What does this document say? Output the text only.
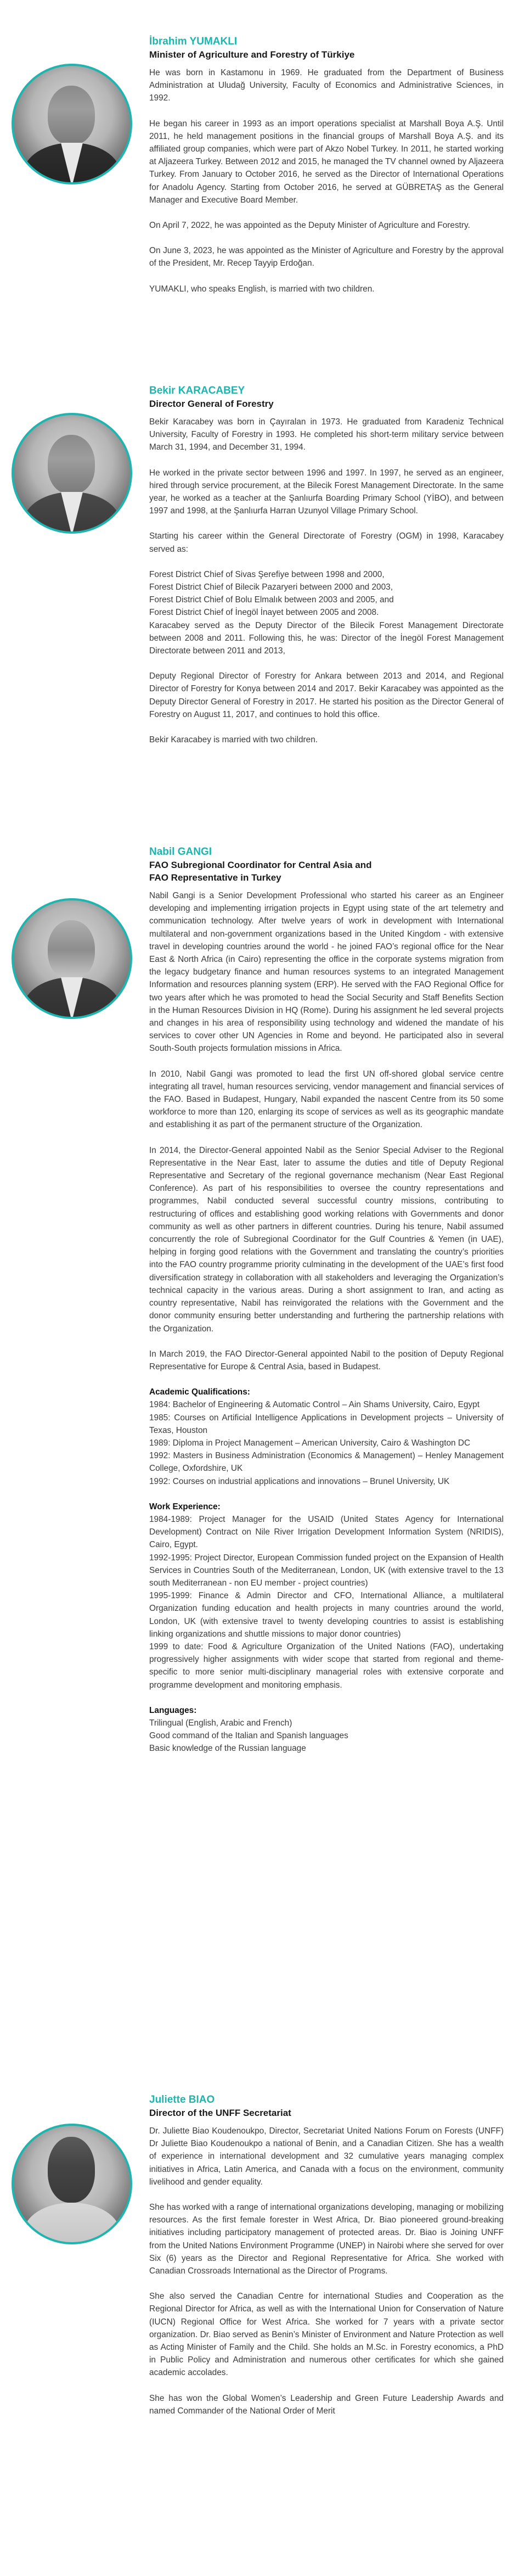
İbrahim YUMAKLI
Minister of Agriculture and Forestry of Türkiye

He was born in Kastamonu in 1969. He graduated from the Department of Business Administration at Uludağ University, Faculty of Economics and Administrative Sciences, in 1992.

He began his career in 1993 as an import operations specialist at Marshall Boya A.Ş. Until 2011, he held management positions in the financial groups of Marshall Boya A.Ş. and its affiliated group companies, which were part of Akzo Nobel Turkey. In 2011, he started working at Aljazeera Turkey. Between 2012 and 2015, he managed the TV channel owned by Aljazeera Turkey. From January to October 2016, he served as the Director of International Operations for Anadolu Agency. Starting from October 2016, he served at GÜBRETAŞ as the General Manager and Executive Board Member.

On April 7, 2022, he was appointed as the Deputy Minister of Agriculture and Forestry.

On June 3, 2023, he was appointed as the Minister of Agriculture and Forestry by the approval of the President, Mr. Recep Tayyip Erdoğan.

YUMAKLI, who speaks English, is married with two children.

Bekir KARACABEY
Director General of Forestry

Bekir Karacabey was born in Çayıralan in 1973. He graduated from Karadeniz Technical University, Faculty of Forestry in 1993. He completed his short-term military service between March 31, 1994, and December 31, 1994.

He worked in the private sector between 1996 and 1997. In 1997, he served as an engineer, hired through service procurement, at the Bilecik Forest Management Directorate. In the same year, he worked as a teacher at the Şanlıurfa Boarding Primary School (YİBO), and between 1997 and 1998, at the Şanlıurfa Harran Uzunyol Village Primary School.

Starting his career within the General Directorate of Forestry (OGM) in 1998, Karacabey served as:

Forest District Chief of Sivas Şerefiye between 1998 and 2000,
Forest District Chief of Bilecik Pazaryeri between 2000 and 2003,
Forest District Chief of Bolu Elmalık between 2003 and 2005, and
Forest District Chief of İnegöl İnayet between 2005 and 2008.
Karacabey served as the Deputy Director of the Bilecik Forest Management Directorate between 2008 and 2011. Following this, he was: Director of the İnegöl Forest Management Directorate between 2011 and 2013,

Deputy Regional Director of Forestry for Ankara between 2013 and 2014, and Regional Director of Forestry for Konya between 2014 and 2017. Bekir Karacabey was appointed as the Deputy Director General of Forestry in 2017. He started his position as the Director General of Forestry on August 11, 2017, and continues to hold this office.

Bekir Karacabey is married with two children.

Nabil GANGI
FAO Subregional Coordinator for Central Asia and
FAO Representative in Turkey

Nabil Gangi is a Senior Development Professional who started his career as an Engineer developing and implementing irrigation projects in Egypt using state of the art telemetry and communication technology. After twelve years of work in development with International multilateral and non-government organizations based in the United Kingdom - with extensive travel in developing countries around the world - he joined FAO’s regional office for the Near East & North Africa (in Cairo) representing the office in the corporate systems migration from the legacy budgetary finance and human resources systems to an integrated Management Information and resources planning system (ERP). He served with the FAO Regional Office for two years after which he was promoted to head the Social Security and Staff Benefits Section in the Human Resources Division in HQ (Rome). During his assignment he led several projects and changes in his area of responsibility using technology and widened the mandate of his services to cover other UN Agencies in Rome and beyond. He participated also in several South-South projects formulation missions in Africa.

In 2010, Nabil Gangi was promoted to lead the first UN off-shored global service centre integrating all travel, human resources servicing, vendor management and financial services of the FAO. Based in Budapest, Hungary, Nabil expanded the nascent Centre from its 50 some workforce to more than 120, enlarging its scope of services as well as its geographic mandate and establishing it as part of the permanent structure of the Organization.

In 2014, the Director-General appointed Nabil as the Senior Special Adviser to the Regional Representative in the Near East, later to assume the duties and title of Deputy Regional Representative and Secretary of the regional governance mechanism (Near East Regional Conference). As part of his responsibilities to oversee the country representations and programmes, Nabil conducted several successful country missions, contributing to restructuring of offices and establishing good working relations with Governments and donor community as well as other partners in different countries. During his tenure, Nabil assumed concurrently the role of Subregional Coordinator for the Gulf Countries & Yemen (in UAE), helping in forging good relations with the Government and translating the country’s priorities into the FAO country programme priority culminating in the development of the UAE’s first food diversification strategy in collaboration with all stakeholders and leveraging the Organization’s technical capacity in the various areas. During a short assignment to Iran, and acting as country representative, Nabil has reinvigorated the relations with the Government and the donor community ensuring better understanding and furthering the partnership relations with the Organization.

In March 2019, the FAO Director-General appointed Nabil to the position of Deputy Regional Representative for Europe & Central Asia, based in Budapest.

Academic Qualifications:
1984: Bachelor of Engineering & Automatic Control – Ain Shams University, Cairo, Egypt
1985: Courses on Artificial Intelligence Applications in Development projects – University of Texas, Houston
1989: Diploma in Project Management – American University, Cairo & Washington DC
1992: Masters in Business Administration (Economics & Management) – Henley Management College, Oxfordshire, UK
1992: Courses on industrial applications and innovations – Brunel University, UK
Work Experience:
1984-1989: Project Manager for the USAID (United States Agency for International Development) Contract on Nile River Irrigation Development Information System (NRIDIS), Cairo, Egypt.
1992-1995: Project Director, European Commission funded project on the Expansion of Health Services in Countries South of the Mediterranean, London, UK (with extensive travel to the 13 south Mediterranean - non EU member - project countries)
1995-1999: Finance & Admin Director and CFO, International Alliance, a multilateral Organization funding education and health projects in many countries around the world, London, UK (with extensive travel to twenty developing countries to assist is establishing linking organizations and shuttle missions to major donor countries)
1999 to date: Food & Agriculture Organization of the United Nations (FAO), undertaking progressively higher assignments with wider scope that started from regional and theme-specific to more senior multi-disciplinary managerial roles with extensive corporate and programme development and monitoring emphasis.
Languages:
Trilingual (English, Arabic and French)
Good command of the Italian and Spanish languages
Basic knowledge of the Russian language
Juliette BIAO
Director of the UNFF Secretariat

Dr. Juliette Biao Koudenoukpo, Director, Secretariat United Nations Forum on Forests (UNFF) Dr Juliette Biao Koudenoukpo a national of Benin, and a Canadian Citizen. She has a wealth of experience in international development and 32 cumulative years managing complex initiatives in Africa, Latin America, and Canada with a focus on the environment, community livelihood and gender equality.

She has worked with a range of international organizations developing, managing or mobilizing resources. As the first female forester in West Africa, Dr. Biao pioneered ground-breaking initiatives including participatory management of protected areas. Dr. Biao is Joining UNFF from the United Nations Environment Programme (UNEP) in Nairobi where she served for over Six (6) years as the Director and Regional Representative for Africa. She worked with Canadian Crossroads International as the Director of Programs.

She also served the Canadian Centre for international Studies and Cooperation as the Regional Director for Africa, as well as with the International Union for Conservation of Nature (IUCN) Regional Office for West Africa. She worked for 7 years with a private sector organization. Dr. Biao served as Benin’s Minister of Environment and Nature Protection as well as Acting Minister of Family and the Child. She holds an M.Sc. in Forestry economics, a PhD in Public Policy and Administration and numerous other certificates for which she gained academic accolades.

She has won the Global Women’s Leadership and Green Future Leadership Awards and named Commander of the National Order of Merit
